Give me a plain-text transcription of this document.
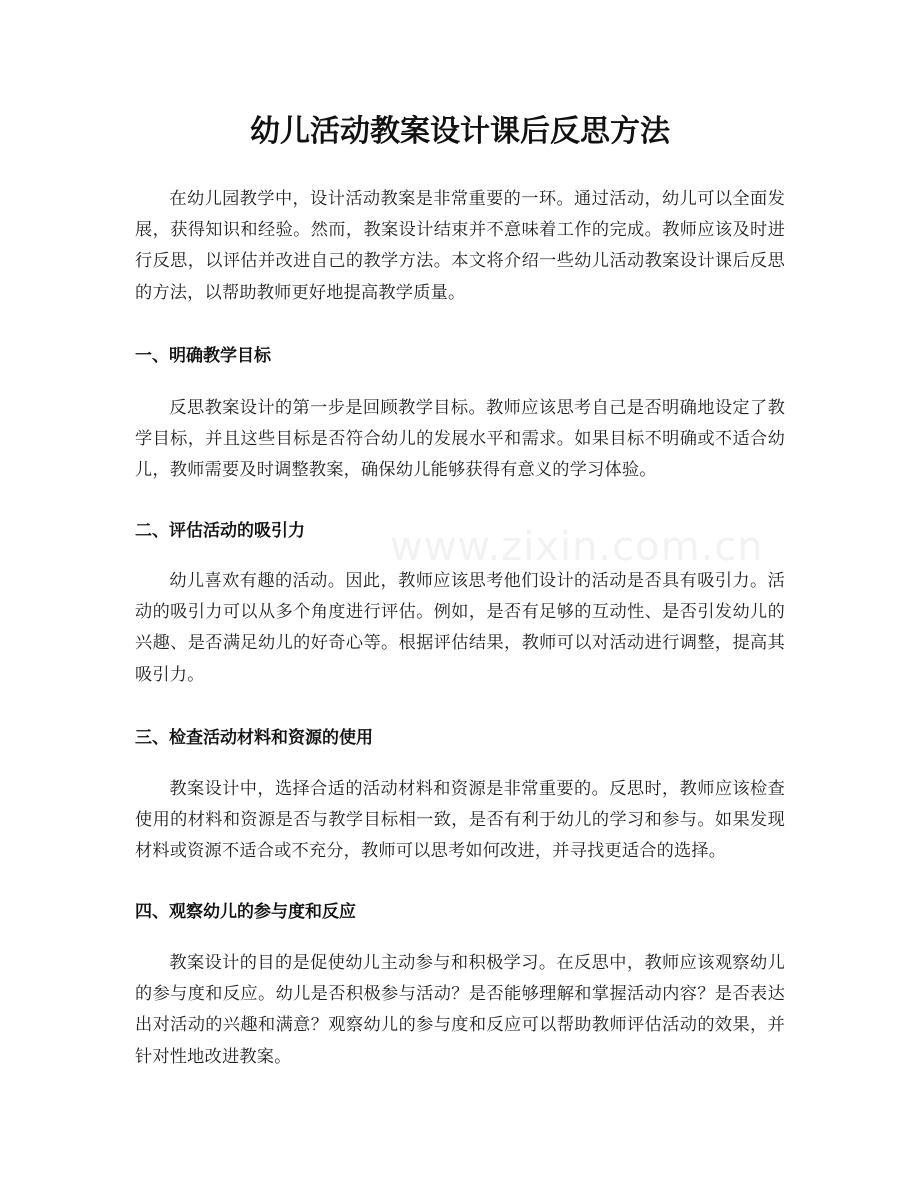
幼儿活动教案设计课后反思方法

在幼儿园教学中，设计活动教案是非常重要的一环。通过活动，幼儿可以全面发展，获得知识和经验。然而，教案设计结束并不意味着工作的完成。教师应该及时进行反思，以评估并改进自己的教学方法。本文将介绍一些幼儿活动教案设计课后反思的方法，以帮助教师更好地提高教学质量。

一、明确教学目标

反思教案设计的第一步是回顾教学目标。教师应该思考自己是否明确地设定了教学目标，并且这些目标是否符合幼儿的发展水平和需求。如果目标不明确或不适合幼儿，教师需要及时调整教案，确保幼儿能够获得有意义的学习体验。

二、评估活动的吸引力

幼儿喜欢有趣的活动。因此，教师应该思考他们设计的活动是否具有吸引力。活动的吸引力可以从多个角度进行评估。例如，是否有足够的互动性、是否引发幼儿的兴趣、是否满足幼儿的好奇心等。根据评估结果，教师可以对活动进行调整，提高其吸引力。

三、检查活动材料和资源的使用

教案设计中，选择合适的活动材料和资源是非常重要的。反思时，教师应该检查使用的材料和资源是否与教学目标相一致，是否有利于幼儿的学习和参与。如果发现材料或资源不适合或不充分，教师可以思考如何改进，并寻找更适合的选择。

四、观察幼儿的参与度和反应

教案设计的目的是促使幼儿主动参与和积极学习。在反思中，教师应该观察幼儿的参与度和反应。幼儿是否积极参与活动？是否能够理解和掌握活动内容？是否表达出对活动的兴趣和满意？观察幼儿的参与度和反应可以帮助教师评估活动的效果，并针对性地改进教案。

www.zixin.com.cn
